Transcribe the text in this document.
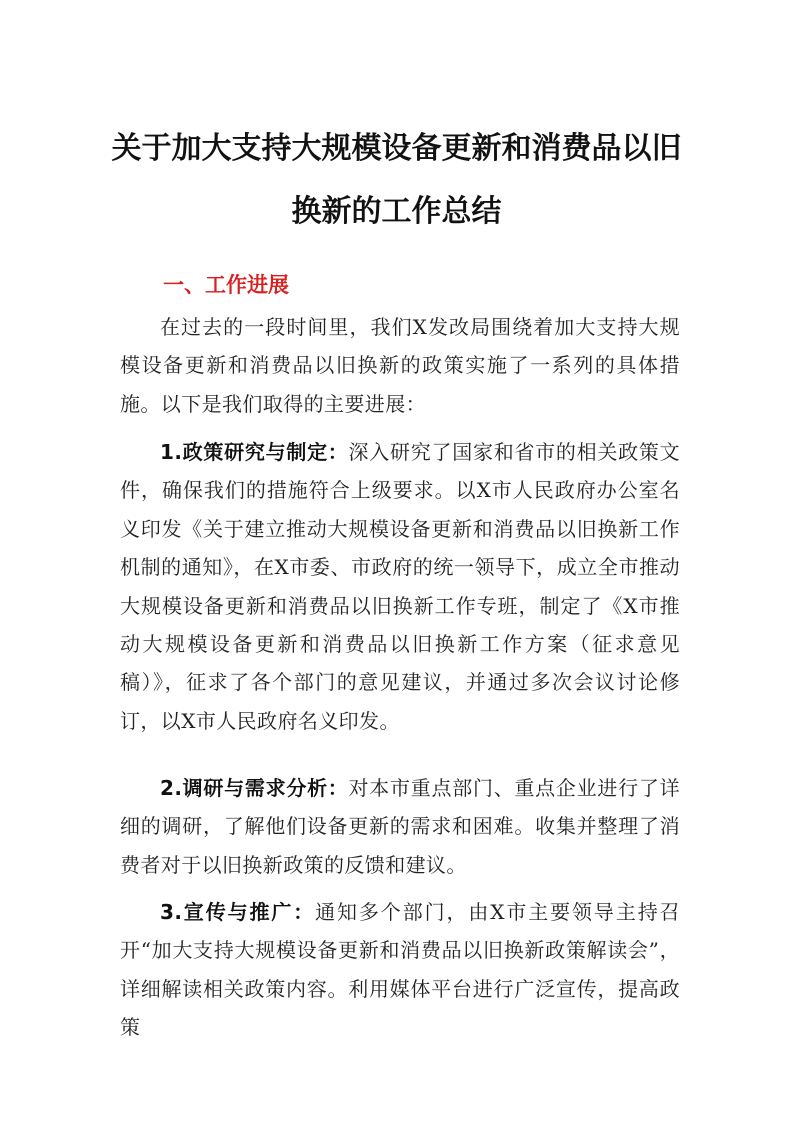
关于加大支持大规模设备更新和消费品以旧
换新的工作总结
一、工作进展

在过去的一段时间里，我们X发改局围绕着加大支持大规模设备更新和消费品以旧换新的政策实施了一系列的具体措施。以下是我们取得的主要进展：

1.政策研究与制定：深入研究了国家和省市的相关政策文件，确保我们的措施符合上级要求。以X市人民政府办公室名义印发《关于建立推动大规模设备更新和消费品以旧换新工作机制的通知》，在X市委、市政府的统一领导下，成立全市推动大规模设备更新和消费品以旧换新工作专班，制定了《X市推动大规模设备更新和消费品以旧换新工作方案（征求意见稿）》，征求了各个部门的意见建议，并通过多次会议讨论修订，以X市人民政府名义印发。

2.调研与需求分析：对本市重点部门、重点企业进行了详细的调研，了解他们设备更新的需求和困难。收集并整理了消费者对于以旧换新政策的反馈和建议。

3.宣传与推广：通知多个部门，由X市主要领导主持召开“加大支持大规模设备更新和消费品以旧换新政策解读会”，详细解读相关政策内容。利用媒体平台进行广泛宣传，提高政策
